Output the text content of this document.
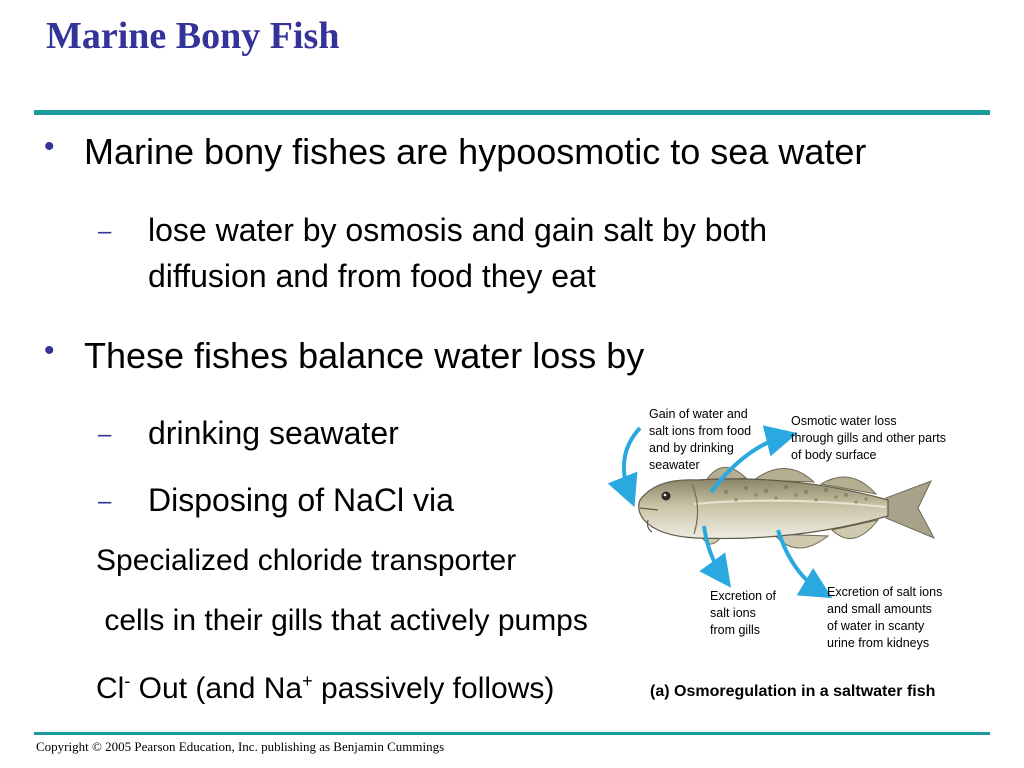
Marine Bony Fish
• Marine bony fishes are hypoosmotic to sea water
– lose water by osmosis and gain salt by both
diffusion and from food they eat
• These fishes balance water loss by
– drinking seawater
– Disposing of NaCl via
Specialized chloride transporter
cells in their gills that actively pumps
Cl- Out (and Na+ passively follows)
Gain of water and
salt ions from food
and by drinking
seawater
Osmotic water loss
through gills and other parts
of body surface
Excretion of
salt ions
from gills
Excretion of salt ions
and small amounts
of water in scanty
urine from kidneys
(a) Osmoregulation in a saltwater fish
Copyright © 2005 Pearson Education, Inc. publishing as Benjamin Cummings
